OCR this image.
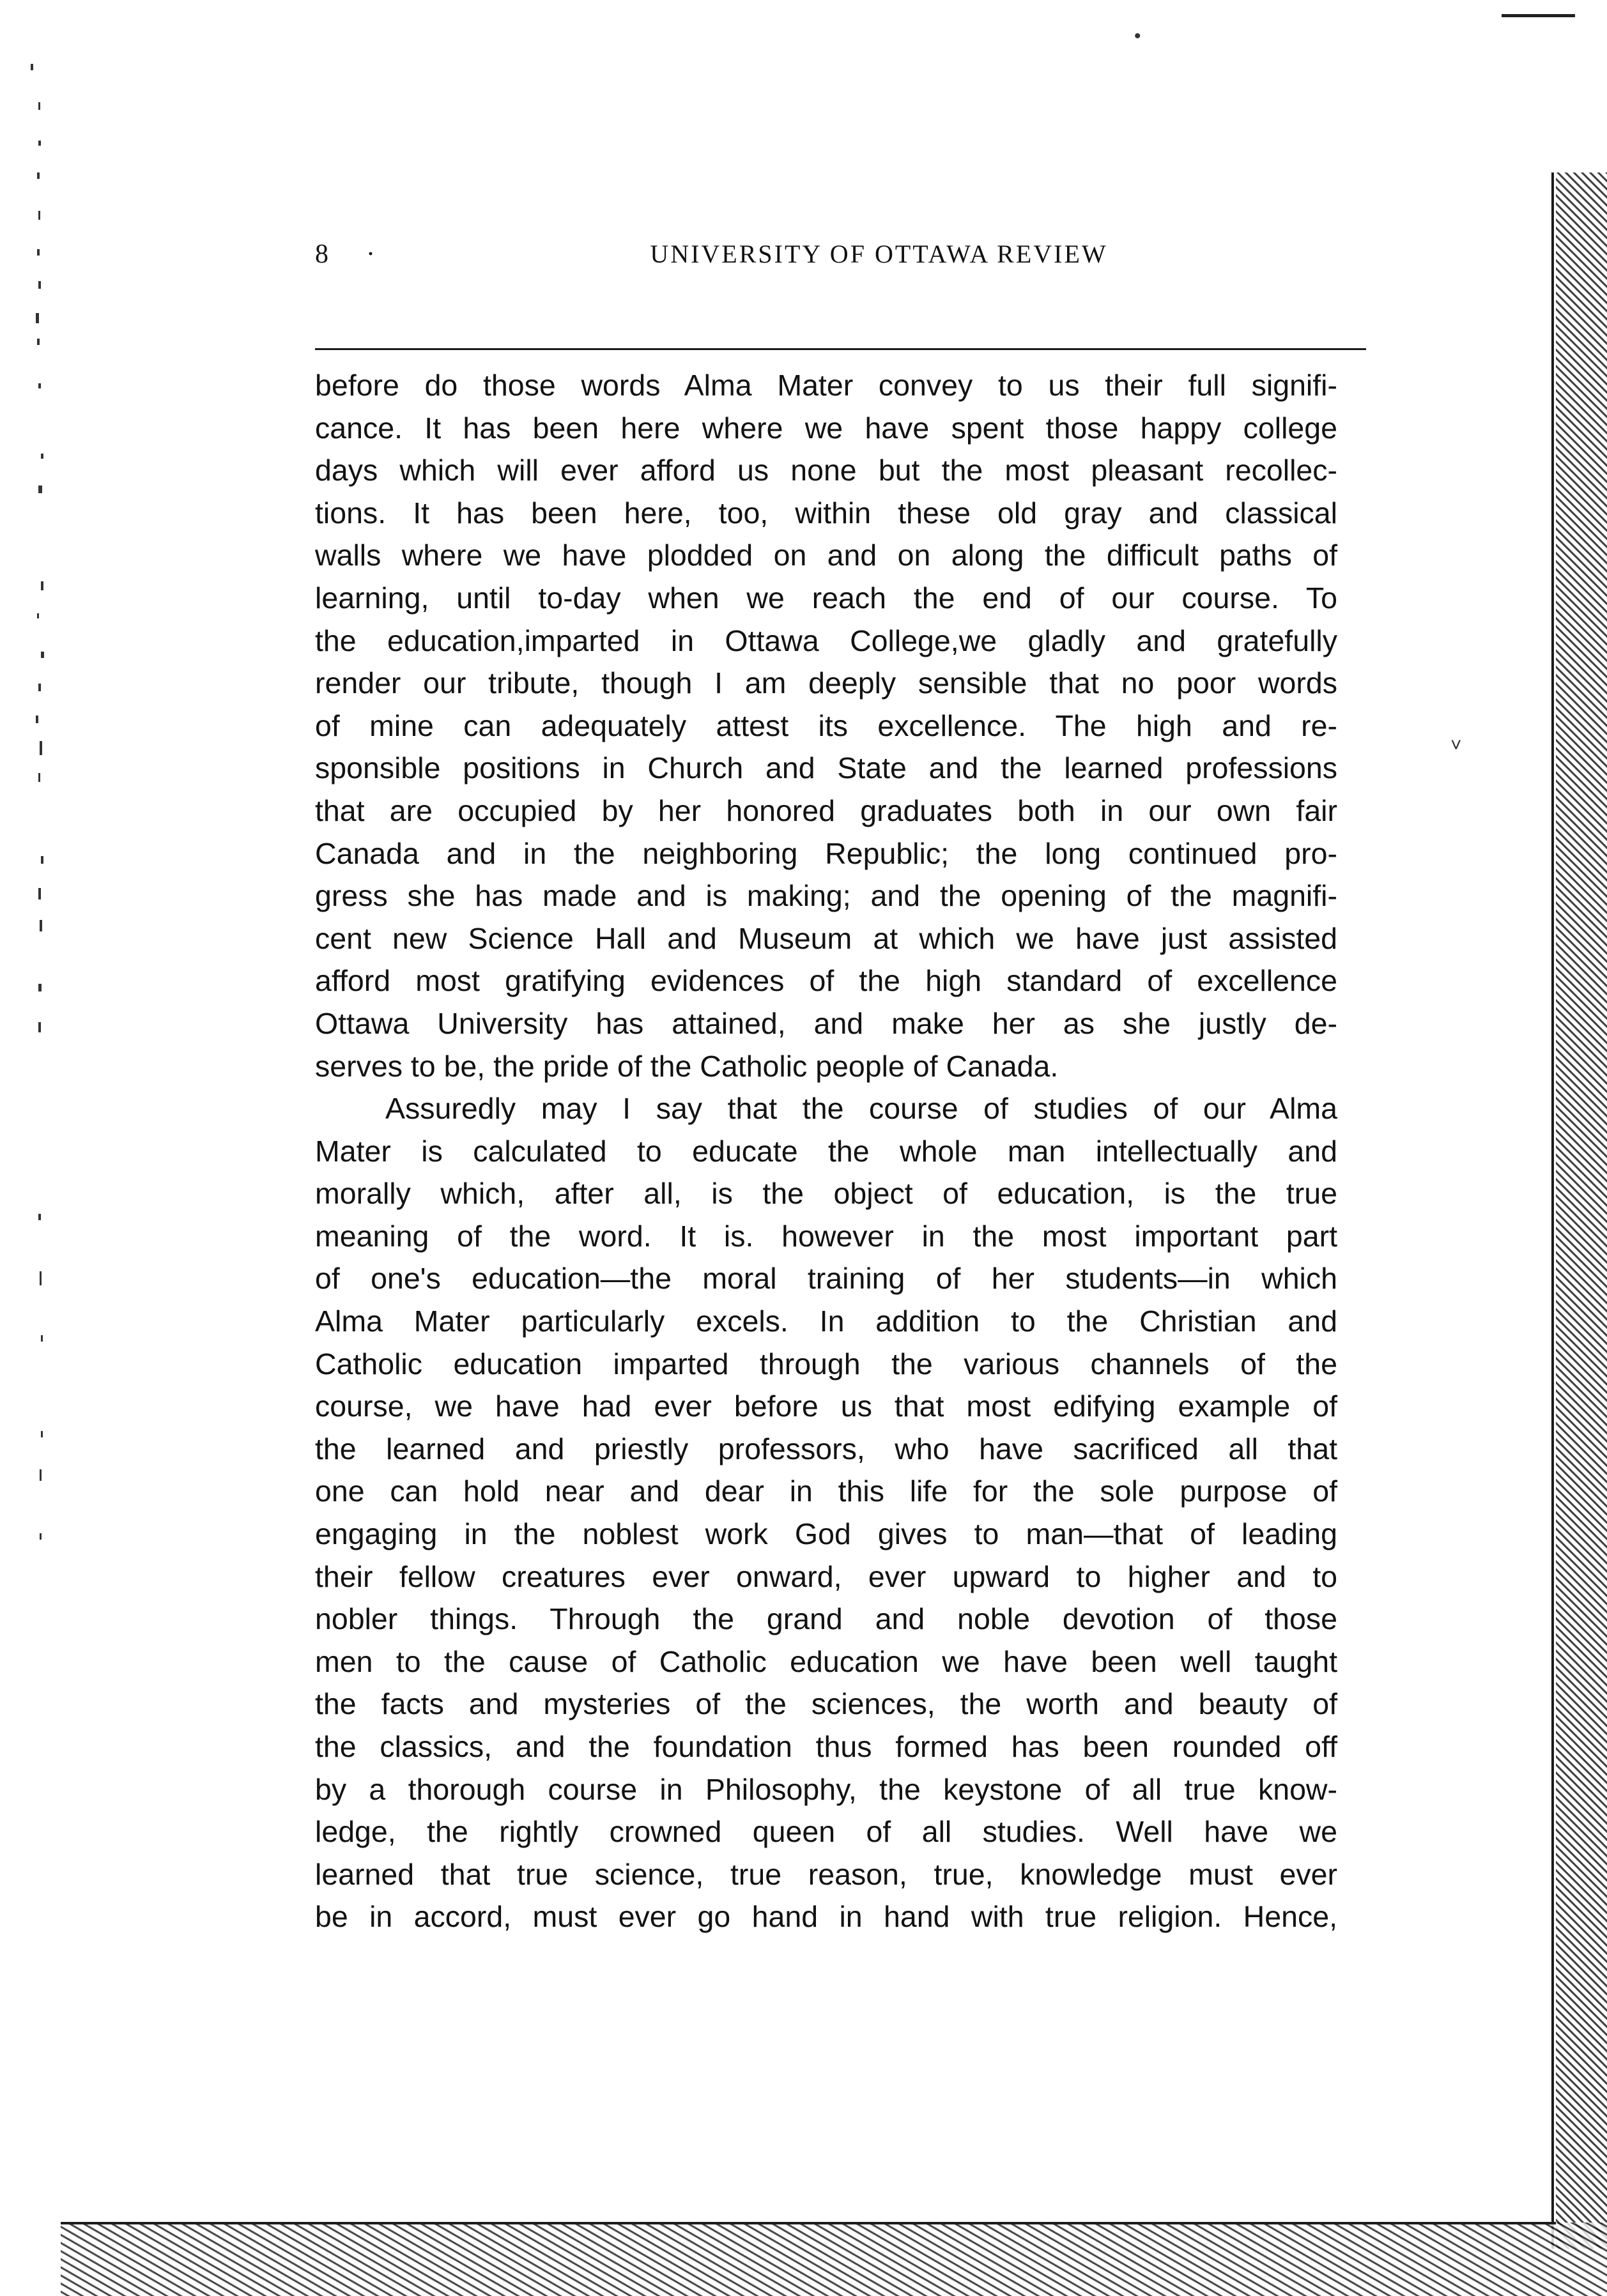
˅
•
8 ·	UNIVERSITY OF OTTAWA REVIEW
before do those words Alma Mater convey to us their full signifi-
cance. It has been here where we have spent those happy college
days which will ever afford us none but the most pleasant recollec-
tions. It has been here, too, within these old gray and classical
walls where we have plodded on and on along the difficult paths of
learning, until to-day when we reach the end of our course. To
the education,imparted in Ottawa College,we gladly and gratefully
render our tribute, though I am deeply sensible that no poor words
of mine can adequately attest its excellence. The high and re-
sponsible positions in Church and State and the learned professions
that are occupied by her honored graduates both in our own fair
Canada and in the neighboring Republic; the long continued pro-
gress she has made and is making; and the opening of the magnifi-
cent new Science Hall and Museum at which we have just assisted
afford most gratifying evidences of the high standard of excellence
Ottawa University has attained, and make her as she justly de-
serves to be, the pride of the Catholic people of Canada.
Assuredly may I say that the course of studies of our Alma
Mater is calculated to educate the whole man intellectually and
morally which, after all, is the object of education, is the true
meaning of the word. It is. however in the most important part
of one's education—the moral training of her students—in which
Alma Mater particularly excels. In addition to the Christian and
Catholic education imparted through the various channels of the
course, we have had ever before us that most edifying example of
the learned and priestly professors, who have sacrificed all that
one can hold near and dear in this life for the sole purpose of
engaging in the noblest work God gives to man—that of leading
their fellow creatures ever onward, ever upward to higher and to
nobler things. Through the grand and noble devotion of those
men to the cause of Catholic education we have been well taught
the facts and mysteries of the sciences, the worth and beauty of
the classics, and the foundation thus formed has been rounded off
by a thorough course in Philosophy, the keystone of all true know-
ledge, the rightly crowned queen of all studies. Well have we
learned that true science, true reason, true, knowledge must ever
be in accord, must ever go hand in hand with true religion. Hence,
